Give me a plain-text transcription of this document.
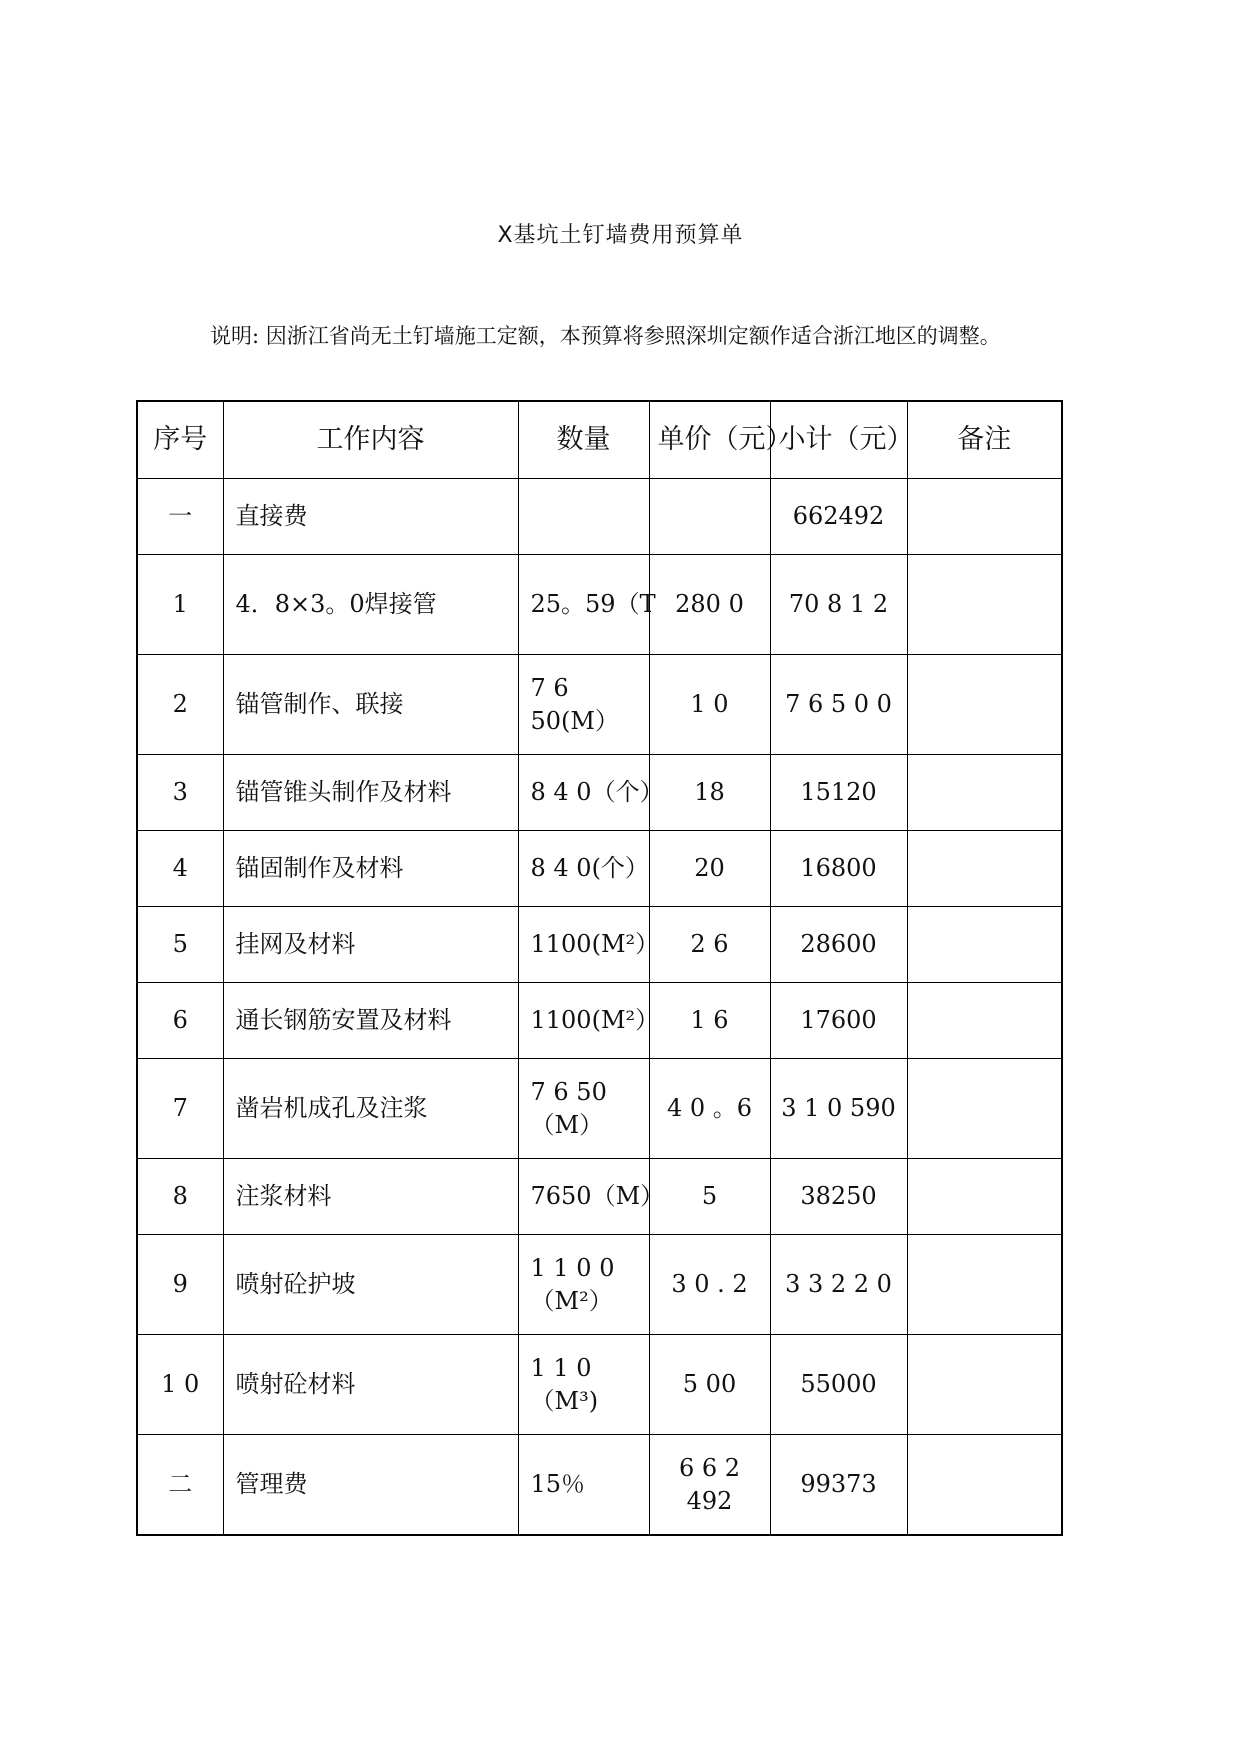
Ⅹ基坑土钉墙费用预算单
说明: 因浙江省尚无土钉墙施工定额，本预算将参照深圳定额作适合浙江地区的调整。
序号	工作内容	数量	单价（元）	小计（元）	备注
一	直接费			662492	
1	4．8×3。0焊接管	25。59（T	280 0	70 8 1 2	
2	锚管制作、联接	7 6 50(M）	1 0	7 6 5 0 0	
3	锚管锥头制作及材料	8 4 0（个）	18	15120	
4	锚固制作及材料	8 4 0(个）	20	16800	
5	挂网及材料	1100(M²）	2 6	28600	
6	通长钢筋安置及材料	1100(M²）	1 6	17600	
7	凿岩机成孔及注浆	7 6 50（M）	4 0 。6	3 1 0 590	
8	注浆材料	7650（M）	5	38250	
9	喷射砼护坡	1 1 0 0（M²）	3 0 . 2	3 3 2 2 0	
1 0	喷射砼材料	1 1 0（M³)	5 00	55000	
二	管理费	15％	6 6 2 492	99373	
